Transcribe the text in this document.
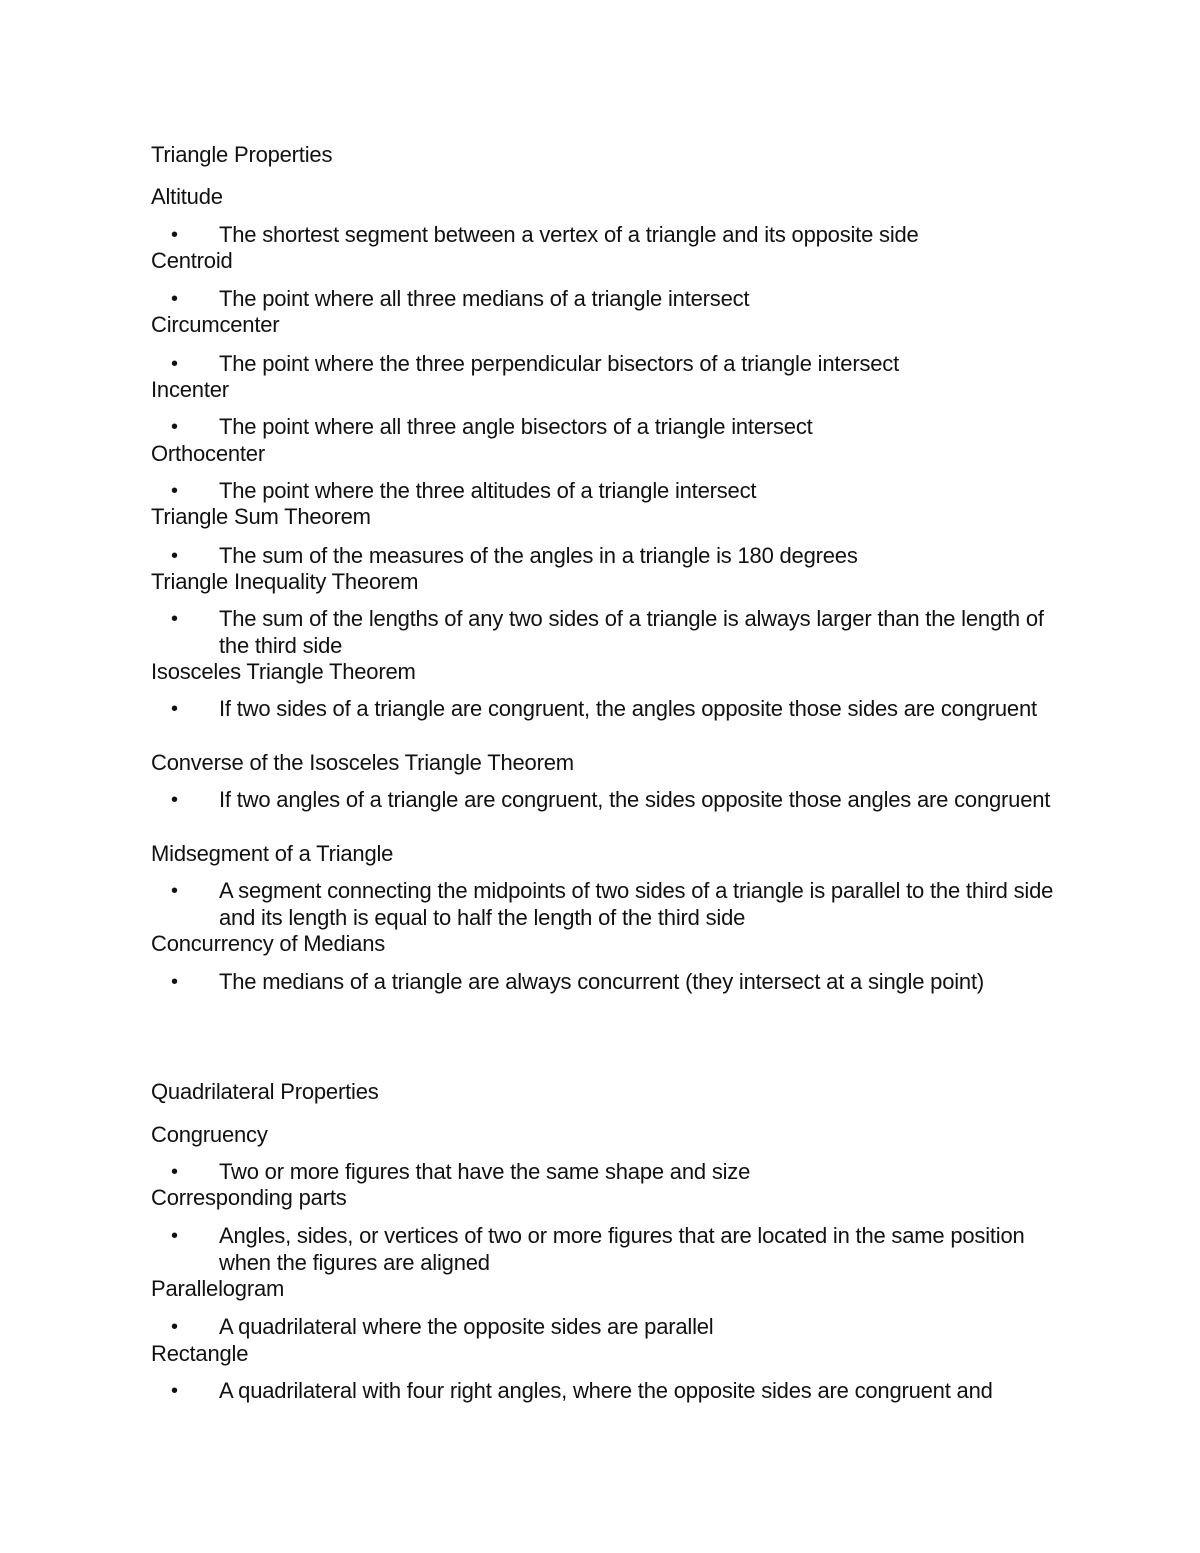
Triangle Properties
Altitude
• The shortest segment between a vertex of a triangle and its opposite side
Centroid
• The point where all three medians of a triangle intersect
Circumcenter
• The point where the three perpendicular bisectors of a triangle intersect
Incenter
• The point where all three angle bisectors of a triangle intersect
Orthocenter
• The point where the three altitudes of a triangle intersect
Triangle Sum Theorem
• The sum of the measures of the angles in a triangle is 180 degrees
Triangle Inequality Theorem
• The sum of the lengths of any two sides of a triangle is always larger than the length of the third side
Isosceles Triangle Theorem
• If two sides of a triangle are congruent, the angles opposite those sides are congruent
Converse of the Isosceles Triangle Theorem
• If two angles of a triangle are congruent, the sides opposite those angles are congruent
Midsegment of a Triangle
• A segment connecting the midpoints of two sides of a triangle is parallel to the third side and its length is equal to half the length of the third side
Concurrency of Medians
• The medians of a triangle are always concurrent (they intersect at a single point)
Quadrilateral Properties
Congruency
• Two or more figures that have the same shape and size
Corresponding parts
• Angles, sides, or vertices of two or more figures that are located in the same position when the figures are aligned
Parallelogram
• A quadrilateral where the opposite sides are parallel
Rectangle
• A quadrilateral with four right angles, where the opposite sides are congruent and
